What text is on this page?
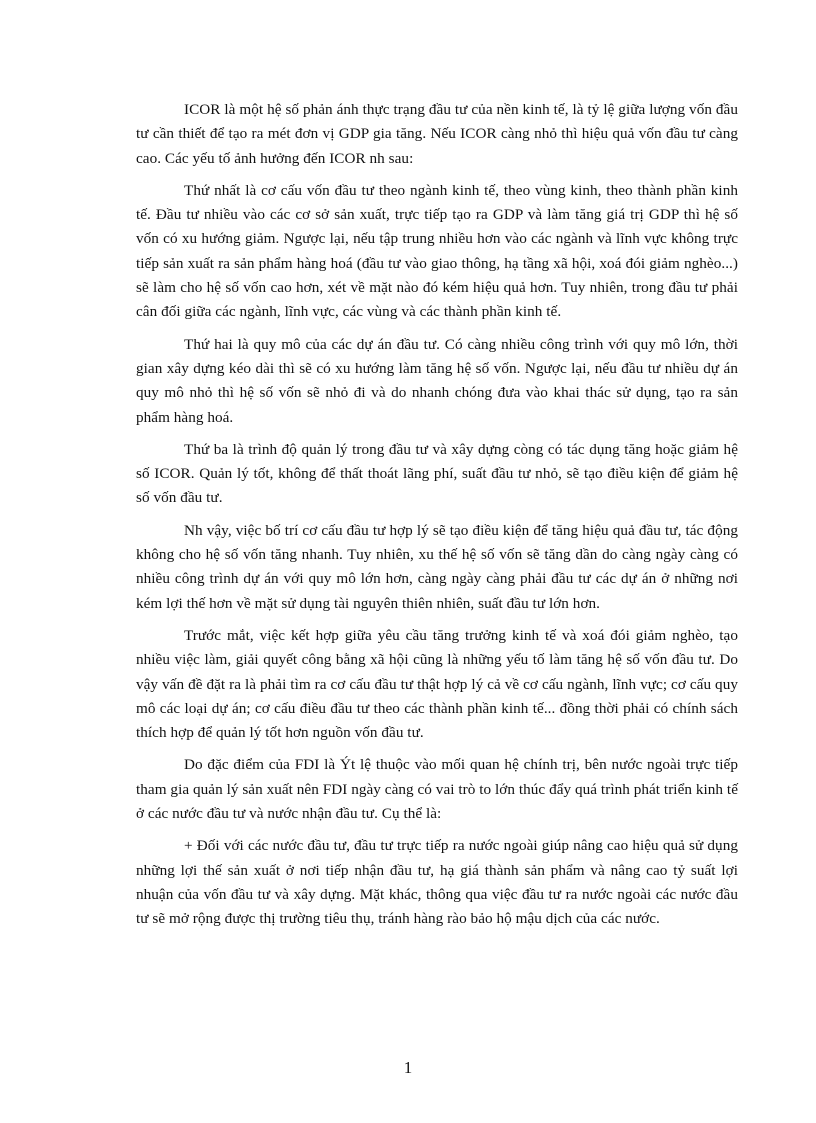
ICOR là một hệ số phản ánh thực trạng đầu tư của nền kinh tế, là tỷ lệ giữa lượng vốn đầu tư cần thiết để tạo ra mét đơn vị GDP gia tăng. Nếu ICOR càng nhỏ thì hiệu quả vốn đầu tư càng cao. Các yếu tố ảnh hưởng đến ICOR nh sau:

Thứ nhất là cơ cấu vốn đầu tư theo ngành kinh tế, theo vùng kinh, theo thành phần kinh tế. Đầu tư nhiều vào các cơ sở sản xuất, trực tiếp tạo ra GDP và làm tăng giá trị GDP thì hệ số vốn có xu hướng giảm. Ngược lại, nếu tập trung nhiều hơn vào các ngành và lĩnh vực không trực tiếp sản xuất ra sản phẩm hàng hoá (đầu tư vào giao thông, hạ tầng xã hội, xoá đói giảm nghèo...) sẽ làm cho hệ số vốn cao hơn, xét về mặt nào đó kém hiệu quả hơn. Tuy nhiên, trong đầu tư phải cân đối giữa các ngành, lĩnh vực, các vùng và các thành phần kinh tế.

Thứ hai là quy mô của các dự án đầu tư. Có càng nhiều công trình với quy mô lớn, thời gian xây dựng kéo dài thì sẽ có xu hướng làm tăng hệ số vốn. Ngược lại, nếu đầu tư nhiều dự án quy mô nhỏ thì hệ số vốn sẽ nhỏ đi và do nhanh chóng đưa vào khai thác sử dụng, tạo ra sản phẩm hàng hoá.

Thứ ba là trình độ quản lý trong đầu tư và xây dựng còng có tác dụng tăng hoặc giảm hệ số ICOR. Quản lý tốt, không để thất thoát lãng phí, suất đầu tư nhỏ, sẽ tạo điều kiện để giảm hệ số vốn đầu tư.

Nh vậy, việc bố trí cơ cấu đầu tư hợp lý sẽ tạo điều kiện để tăng hiệu quả đầu tư, tác động không cho hệ số vốn tăng nhanh. Tuy nhiên, xu thế hệ số vốn sẽ tăng dần do càng ngày càng có nhiều công trình dự án với quy mô lớn hơn, càng ngày càng phải đầu tư các dự án ở những nơi kém lợi thế hơn về mặt sử dụng tài nguyên thiên nhiên, suất đầu tư lớn hơn.

Trước mắt, việc kết hợp giữa yêu cầu tăng trưởng kinh tế và xoá đói giảm nghèo, tạo nhiều việc làm, giải quyết công bằng xã hội cũng là những yếu tố làm tăng hệ số vốn đầu tư. Do vậy vấn đề đặt ra là phải tìm ra cơ cấu đầu tư thật hợp lý cả về cơ cấu ngành, lĩnh vực; cơ cấu quy mô các loại dự án; cơ cấu điều đầu tư theo các thành phần kinh tế... đồng thời phải có chính sách thích hợp để quản lý tốt hơn nguồn vốn đầu tư.

Do đặc điểm của FDI là Ýt lệ thuộc vào mối quan hệ chính trị, bên nước ngoài trực tiếp tham gia quản lý sản xuất nên FDI ngày càng có vai trò to lớn thúc đẩy quá trình phát triển kinh tế ở các nước đầu tư và nước nhận đầu tư. Cụ thể là:

+ Đối với các nước đầu tư, đầu tư trực tiếp ra nước ngoài giúp nâng cao hiệu quả sử dụng những lợi thế sản xuất ở nơi tiếp nhận đầu tư, hạ giá thành sản phẩm và nâng cao tỷ suất lợi nhuận của vốn đầu tư và xây dựng. Mặt khác, thông qua việc đầu tư ra nước ngoài các nước đầu tư sẽ mở rộng được thị trường tiêu thụ, tránh hàng rào bảo hộ mậu dịch của các nước.

1
